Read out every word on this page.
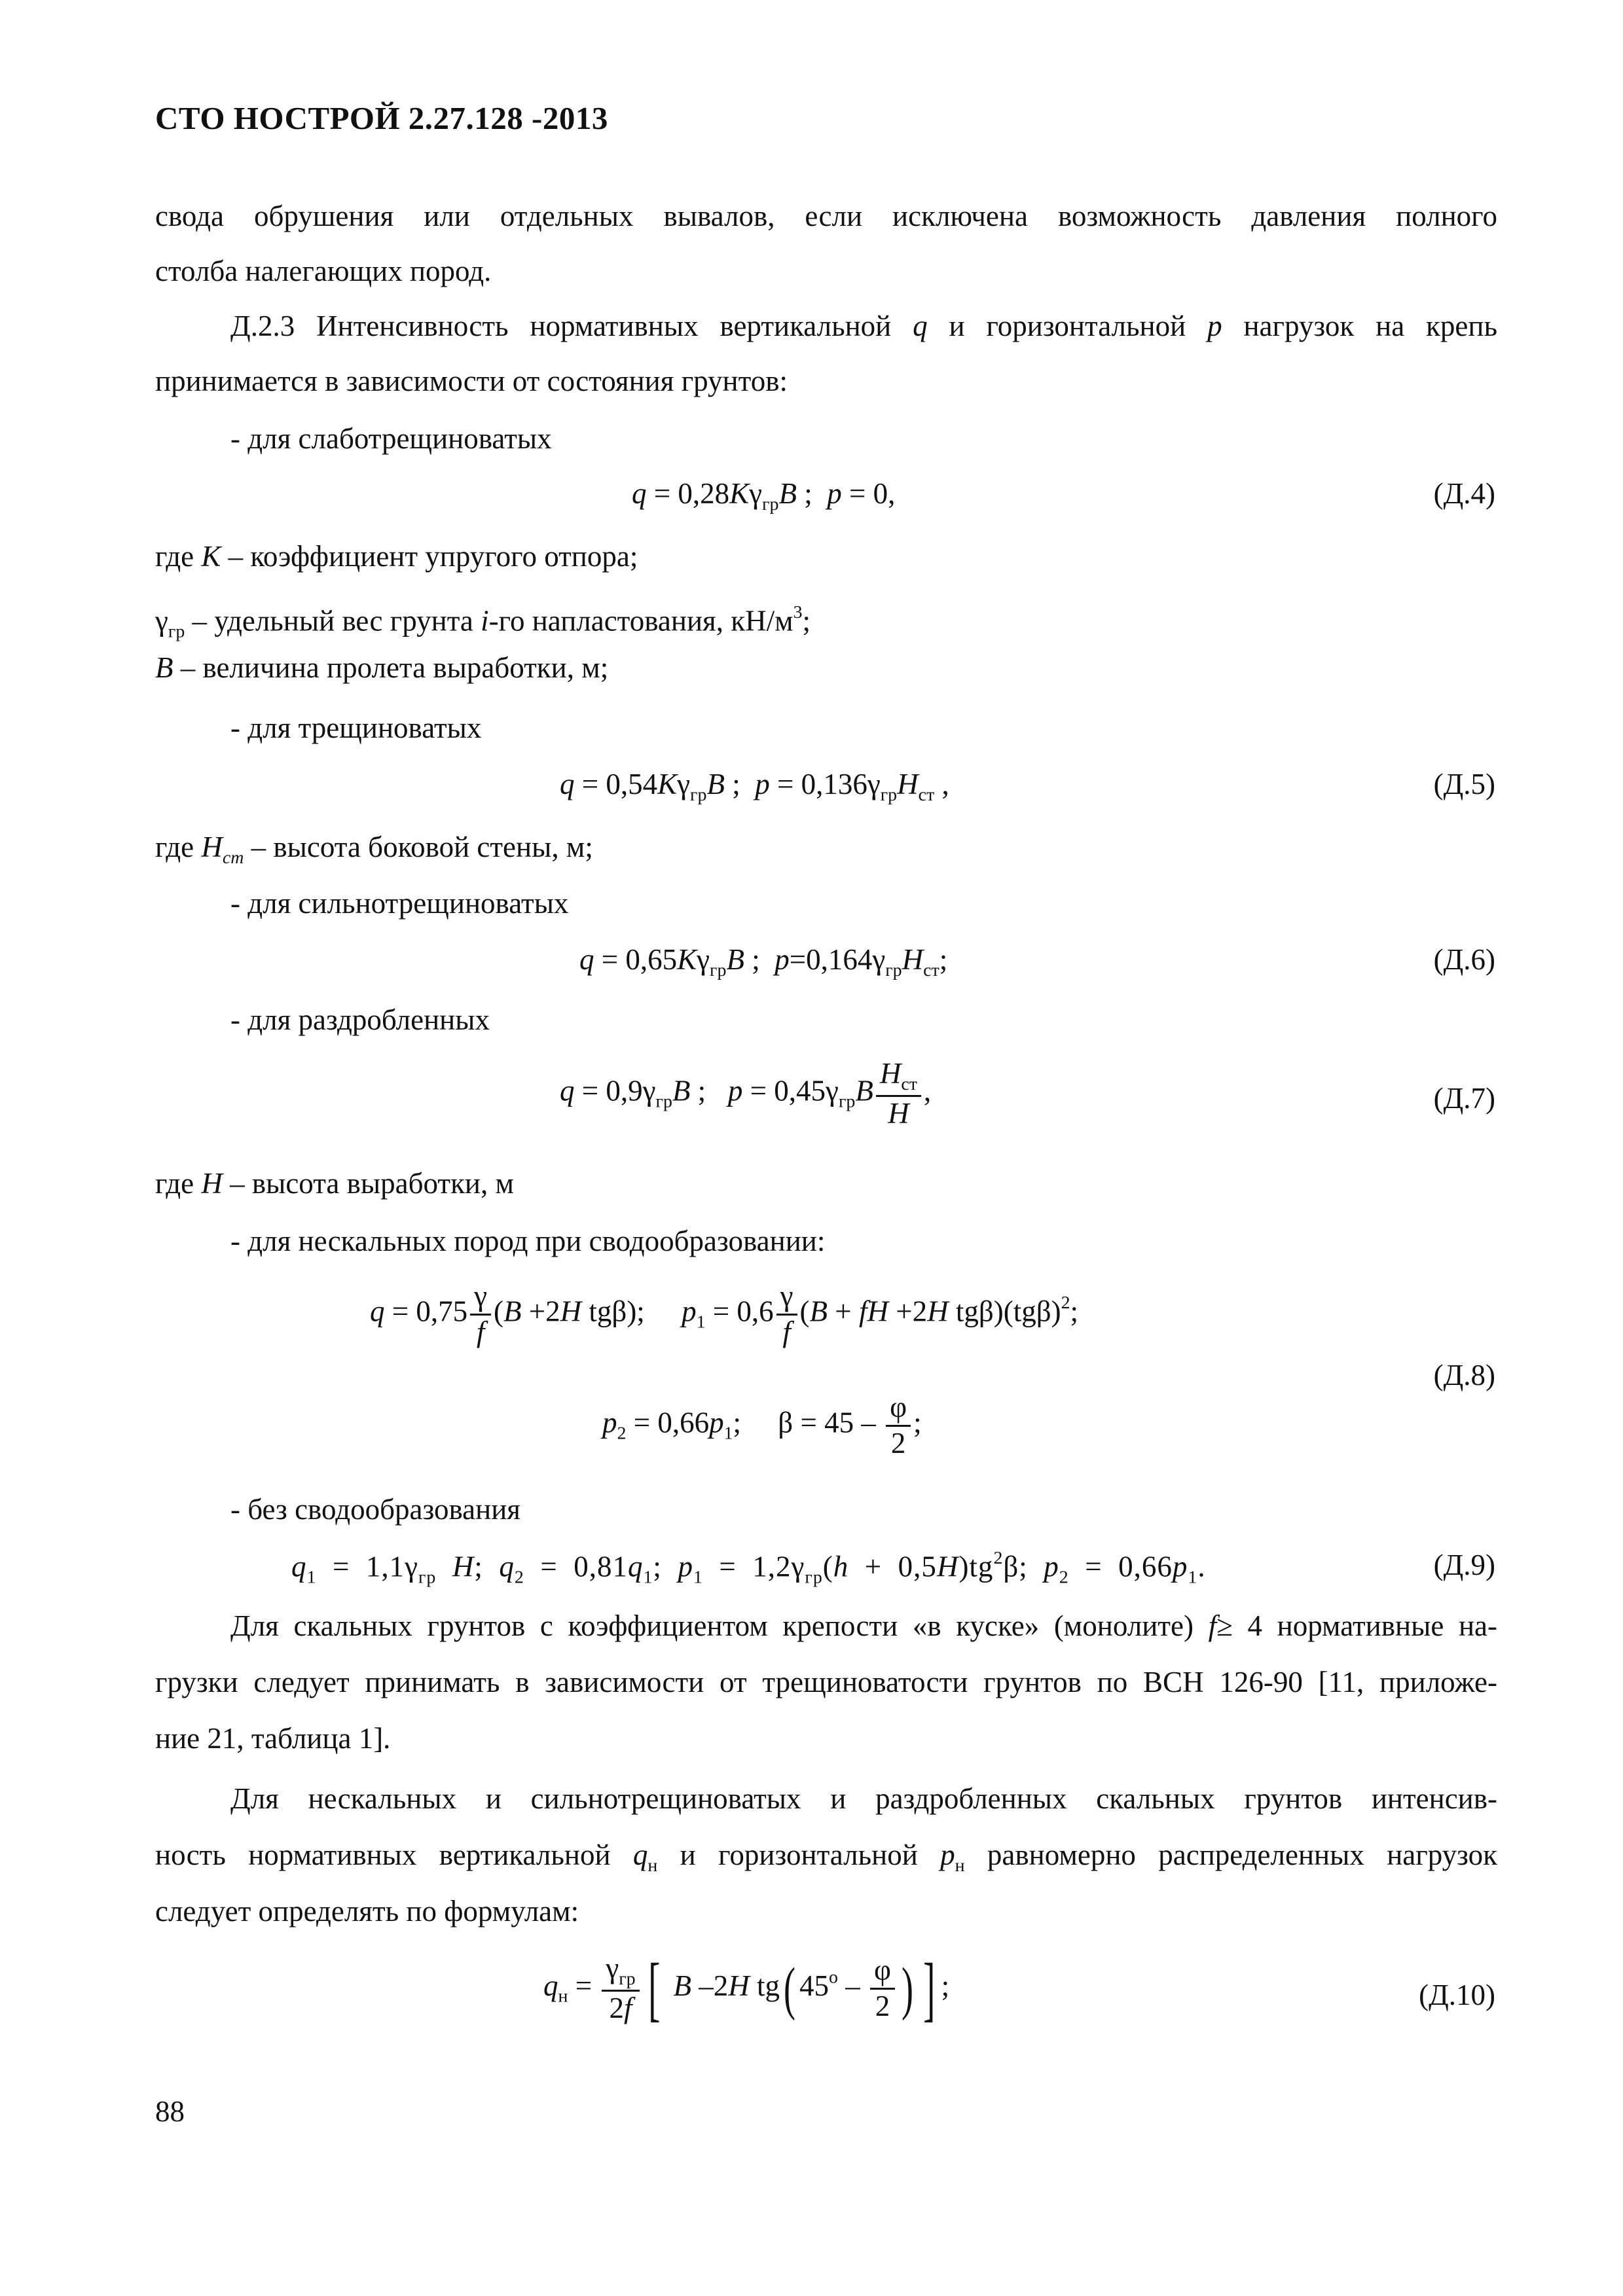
СТО НОСТРОЙ 2.27.128 -2013
свода обрушения или отдельных вывалов, если исключена возможность давления полного
столба налегающих пород.
Д.2.3 Интенсивность нормативных вертикальной q и горизонтальной p нагрузок на крепь
принимается в зависимости от состояния грунтов:
- для слаботрещиноватых
$q = 0,28K\gamma_{гр}B$ ;  p = 0,	(Д.4)
где K – коэффициент упругого отпора;
$\gamma_{гр}$ – удельный вес грунта i-го напластования, $кН/м^3$;
B – величина пролета выработки, м;
- для трещиноватых
$q = 0,54K\gamma_{гр}B$ ;  $p = 0,136\gamma_{гр}H_{ст}$ ,	(Д.5)
где $H_{cm}$ – высота боковой стены, м;
- для сильнотрещиноватых
$q = 0,65K\gamma_{гр}B$ ;  $p=0,164\gamma_{гр}H_{ст}$;	(Д.6)
- для раздробленных
$q = 0,9\gamma_{гр}B$ ;   $p = 0,45\gamma_{гр}B \frac{H_{ст}}{H}$ ,	(Д.7)
где H – высота выработки, м
- для нескальных пород при сводообразовании:
$q = 0,75 \frac{\gamma}{f} (B +2H$ tgβ);     $p_1 = 0,6 \frac{\gamma}{f} (B$ + fH +2H $tg\beta)(tg\beta)^2$;
$p_2 = 0,66p_1$;     $\beta = 45 - \frac{\varphi}{2}$ ;
(Д.8)
- без сводообразования
$q_1 = 1,1\gamma_{гр}$ H;  $q_2 = 0,81q_1$;  $p_1 = 1,2\gamma_{гр}(h + 0,5H)tg^2\beta$;  $p_2 = 0,66p_1$.	(Д.9)
Для скальных грунтов с коэффициентом крепости «в куске» (монолите) f≥ 4 нормативные на-
грузки следует принимать в зависимости от трещиноватости грунтов по ВСН 126-90 [11, приложе-
ние 21, таблица 1].
Для нескальных и сильнотрещиноватых и раздробленных скальных грунтов интенсив-
ность нормативных вертикальной $q_н$ и горизонтальной $p_н$ равномерно распределенных нагрузок
следует определять по формулам:
$q_н = \frac{\gamma_{гр}}{2f}$ [ B –2H tg( $45^o - \frac{\varphi}{2}$ ) ] ;	(Д.10)
88
